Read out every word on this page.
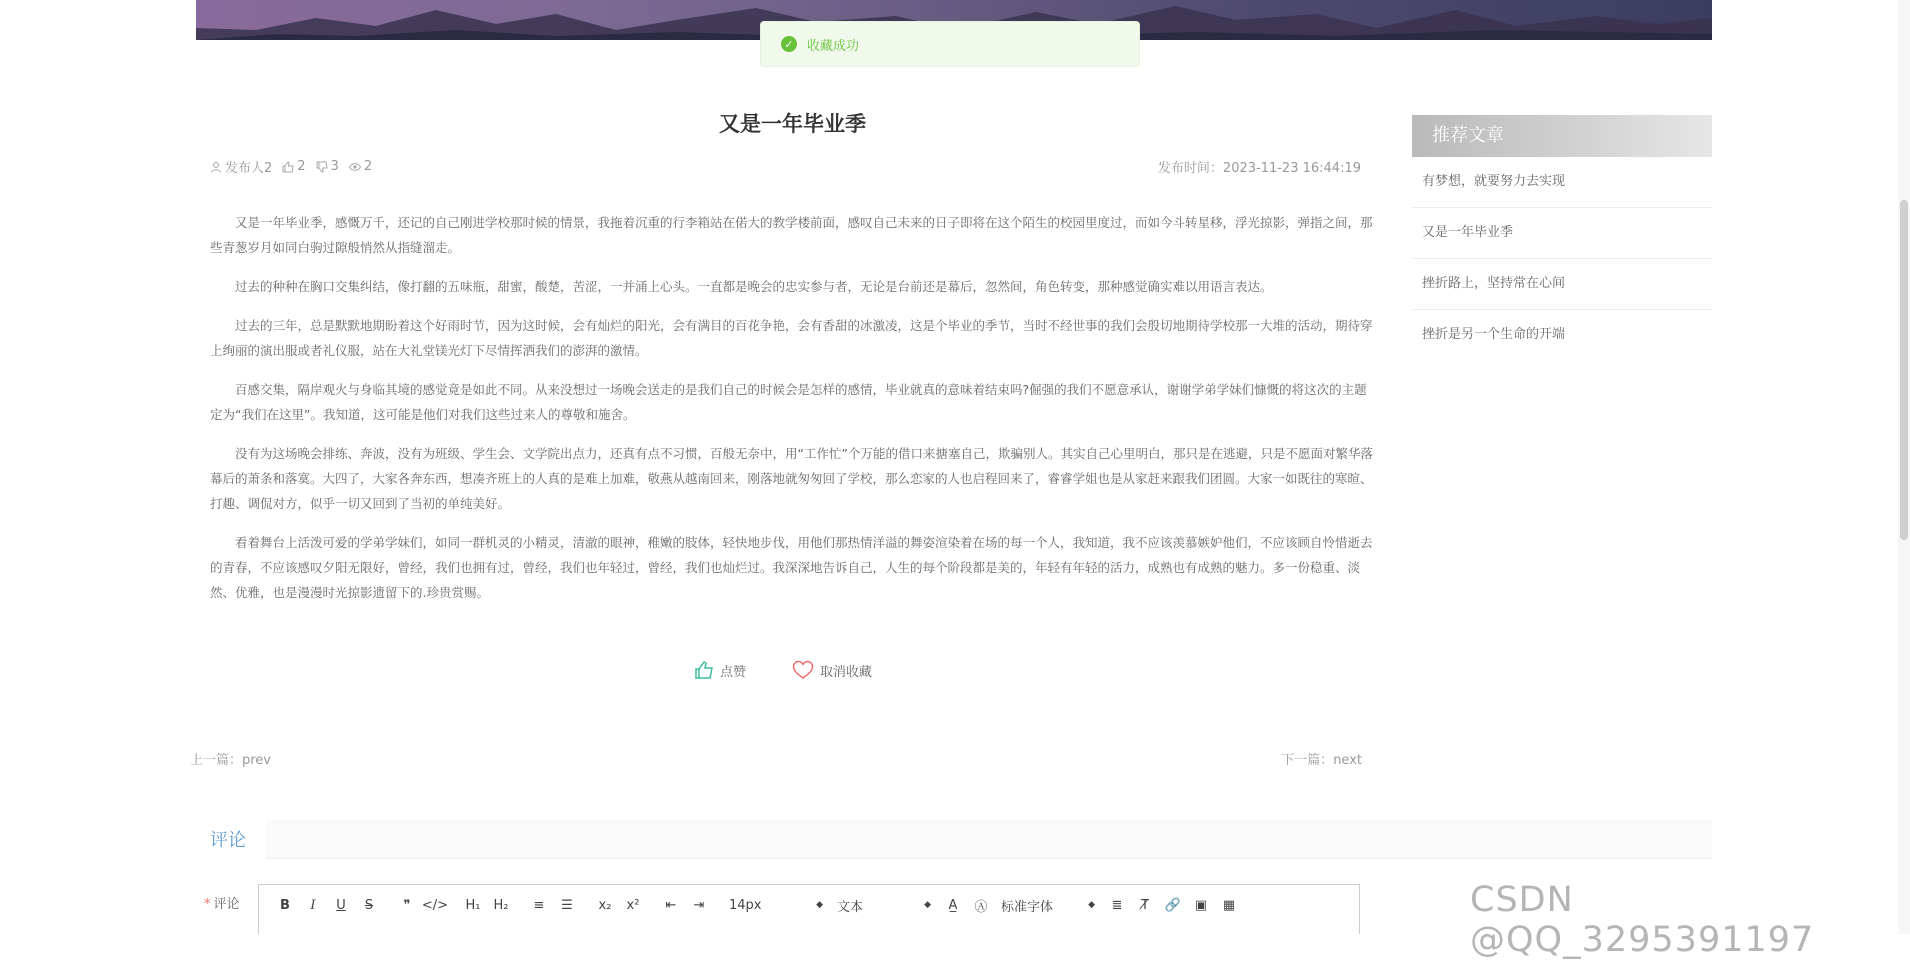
✓ 收藏成功
又是一年毕业季
发布人2 2 3 2	发布时间：2023-11-23 16:44:19

又是一年毕业季，感慨万千，还记的自己刚进学校那时候的情景，我拖着沉重的行李箱站在偌大的教学楼前面，感叹自己未来的日子即将在这个陌生的校园里度过，而如今斗转星移，浮光掠影，弹指之间，那些青葱岁月如同白驹过隙般悄然从指缝溜走。

过去的种种在胸口交集纠结，像打翻的五味瓶，甜蜜，酸楚，苦涩，一并涌上心头。一直都是晚会的忠实参与者，无论是台前还是幕后，忽然间，角色转变，那种感觉确实难以用语言表达。

过去的三年，总是默默地期盼着这个好雨时节，因为这时候，会有灿烂的阳光，会有满目的百花争艳，会有香甜的冰激凌，这是个毕业的季节，当时不经世事的我们会殷切地期待学校那一大堆的活动，期待穿上绚丽的演出服或者礼仪服，站在大礼堂镁光灯下尽情挥洒我们的澎湃的激情。

百感交集，隔岸观火与身临其境的感觉竟是如此不同。从来没想过一场晚会送走的是我们自己的时候会是怎样的感情，毕业就真的意味着结束吗?倔强的我们不愿意承认，谢谢学弟学妹们慷慨的将这次的主题定为“我们在这里”。我知道，这可能是他们对我们这些过来人的尊敬和施舍。

没有为这场晚会排练、奔波，没有为班级、学生会、文学院出点力，还真有点不习惯，百般无奈中，用“工作忙”个万能的借口来搪塞自己，欺骗别人。其实自己心里明白，那只是在逃避，只是不愿面对繁华落幕后的萧条和落寞。大四了，大家各奔东西，想凑齐班上的人真的是难上加难，敬燕从越南回来，刚落地就匆匆回了学校，那么恋家的人也启程回来了，睿睿学姐也是从家赶来跟我们团圆。大家一如既往的寒暄、打趣、调侃对方，似乎一切又回到了当初的单纯美好。

看着舞台上活泼可爱的学弟学妹们，如同一群机灵的小精灵，清澈的眼神，稚嫩的肢体，轻快地步伐，用他们那热情洋溢的舞姿渲染着在场的每一个人，我知道，我不应该羡慕嫉妒他们，不应该顾自怜惜逝去的青春，不应该感叹夕阳无限好，曾经，我们也拥有过，曾经，我们也年轻过，曾经，我们也灿烂过。我深深地告诉自己，人生的每个阶段都是美的，年轻有年轻的活力，成熟也有成熟的魅力。多一份稳重、淡然、优雅，也是漫漫时光掠影遗留下的.珍贵赏赐。

点赞	取消收藏
上一篇：prev	下一篇：next
评论
* 评论	B	I	U	S	❞ </>	H₁	H₂	≡	☰	x₂	x²	⇤	⇥	14px	◆ 文本	◆	A̲	Ⓐ	标准字体	◆	≣	T̸	🔗	▣	▦
推荐文章
有梦想，就要努力去实现
又是一年毕业季
挫折路上，坚持常在心间
挫折是另一个生命的开端
CSDN @QQ_3295391197
